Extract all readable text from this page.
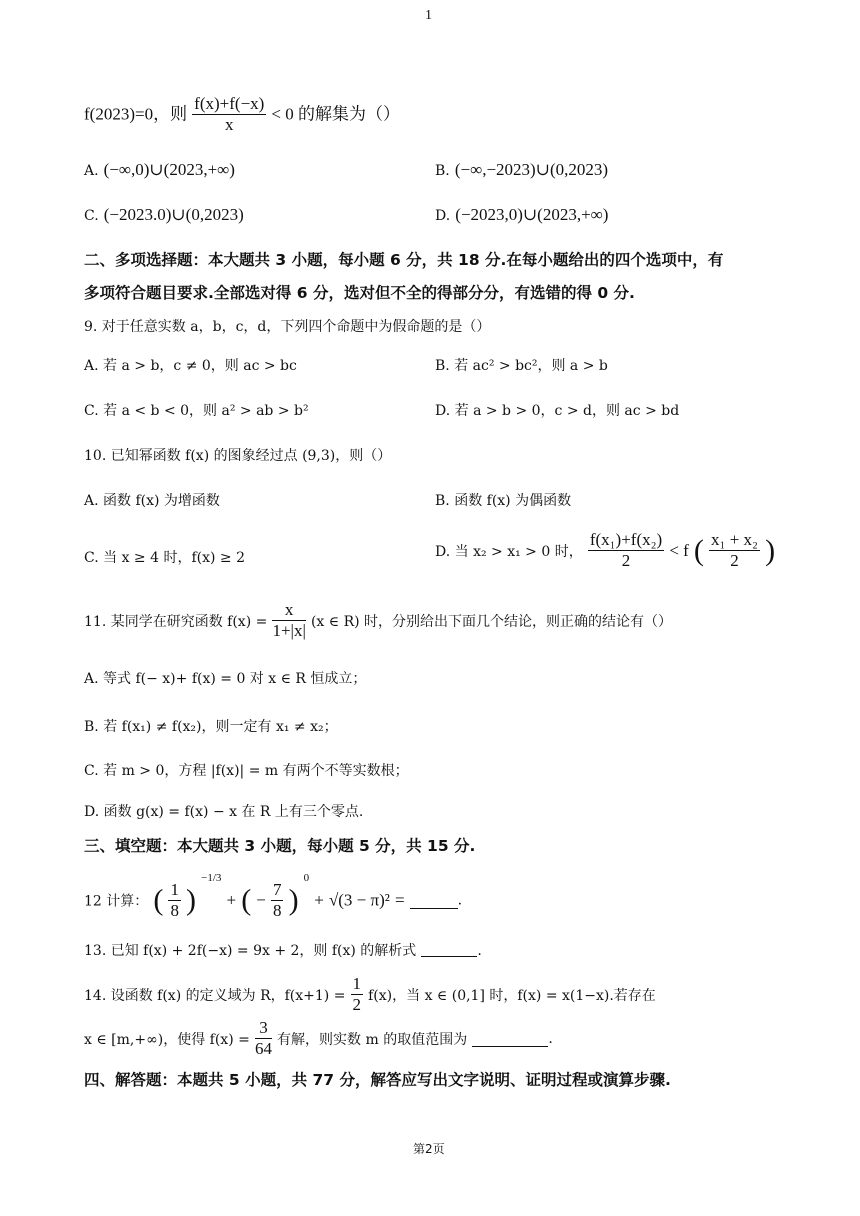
1
f(2023)=0，则 $\frac{f(x)+f(-x)}{x} < 0$ 的解集为（）
A. (−∞,0)∪(2023,+∞)	B. (−∞,−2023)∪(0,2023)
C. (−2023.0)∪(0,2023)	D. (−2023,0)∪(2023,+∞)
二、多项选择题：本大题共 3 小题，每小题 6 分，共 18 分.在每小题给出的四个选项中，有
多项符合题目要求.全部选对得 6 分，选对但不全的得部分分，有选错的得 0 分.
9. 对于任意实数 a，b，c，d，下列四个命题中为假命题的是（）
A. 若 a > b，c ≠ 0，则 ac > bc	B. 若 ac² > bc²，则 a > b
C. 若 a < b < 0，则 a² > ab > b²	D. 若 a > b > 0，c > d，则 ac > bd
10. 已知幂函数 f(x) 的图象经过点 (9,3)，则（）
A. 函数 f(x) 为增函数	B. 函数 f(x) 为偶函数
C. 当 x ≥ 4 时，f(x) ≥ 2	D. 当 x₂ > x₁ > 0 时， $\frac{\text{f(x₁)+f(x₂)}}{2} < f$ ( $\frac{\text{x₁ + x₂}}{2}$ )
11. 某同学在研究函数 $f(x) = \frac{x}{1+|x|} (x$ ∈ R) 时，分别给出下面几个结论，则正确的结论有（）
A. 等式 f(− x)+ f(x) = 0 对 x ∈ R 恒成立；
B. 若 f(x₁) ≠ f(x₂)，则一定有 x₁ ≠ x₂；
C. 若 m > 0，方程 |f(x)| = m 有两个不等实数根；
D. 函数 g(x) = f(x) − x 在 R 上有三个零点.
三、填空题：本大题共 3 小题，每小题 5 分，共 15 分.
12 计算： ( $\frac{1}{8}$ ) $^{-1/3}$ + ( − $\frac{7}{8}$ ) $^0$ + √(3 − π)² =	.
13. 已知 f(x) + 2f(−x) = 9x + 2，则 f(x) 的解析式	.
14. 设函数 f(x) 的定义域为 R，$f(x+1) = \frac{1}{2} f(x)$，当 x ∈ (0,1] 时，f(x) = x(1−x).若存在
x ∈ [m,+∞)，使得 $f(x) = \frac{3}{64}$ 有解，则实数 m 的取值范围为	.
四、解答题：本题共 5 小题，共 77 分，解答应写出文字说明、证明过程或演算步骤.
第2页
